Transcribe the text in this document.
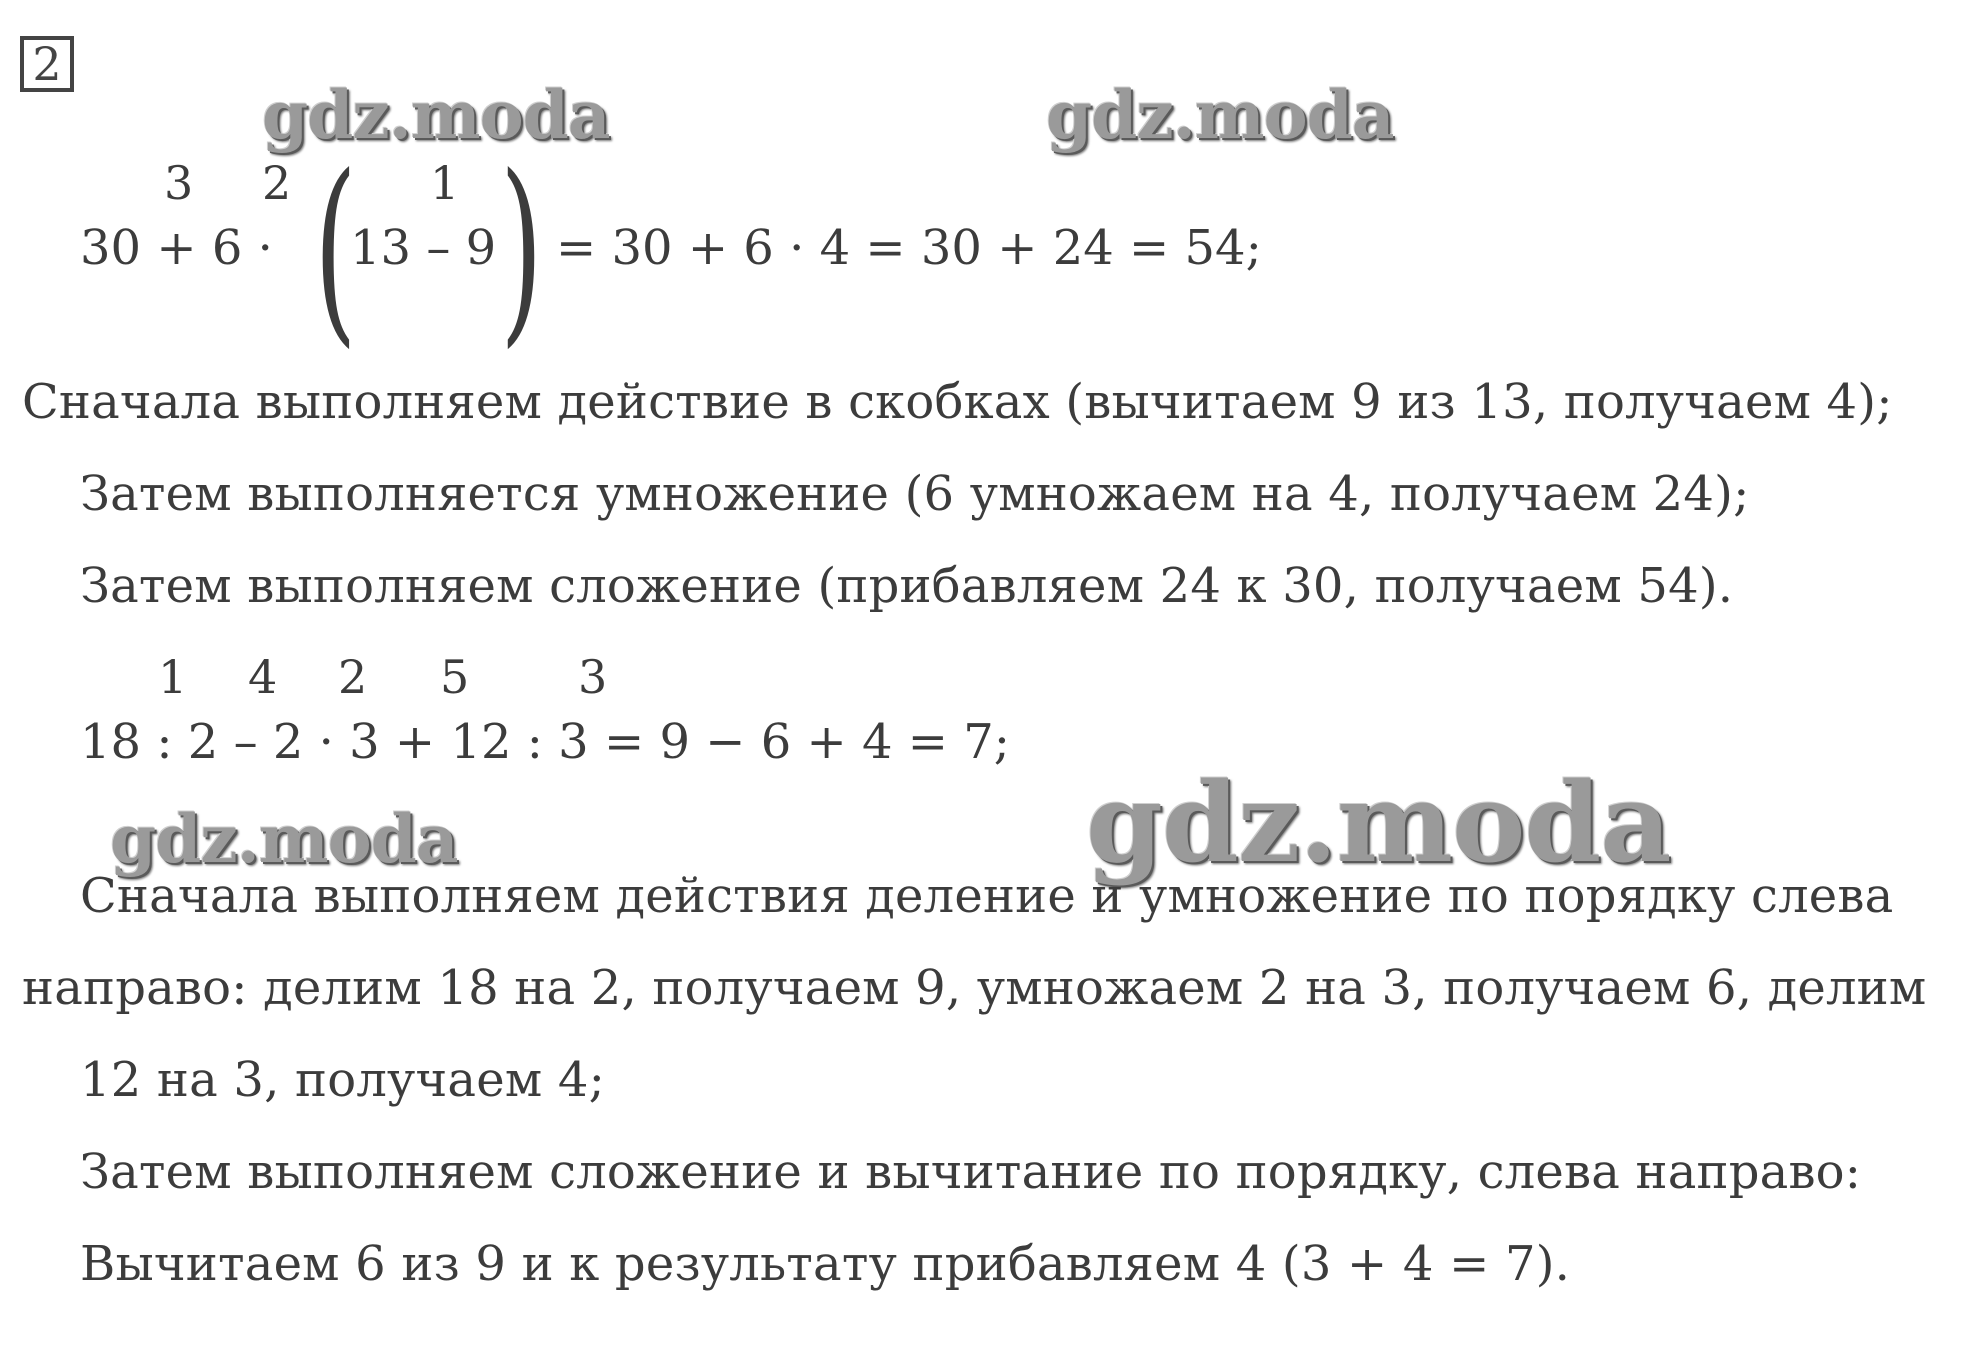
2
gdz.moda	gdz.moda
3 2	1
30 + 6 · (
13 – 9 ) = 30 + 6 · 4 = 30 + 24 = 54;
Сначала выполняем действие в скобках (вычитаем 9 из 13, получаем 4);
Затем выполняется умножение (6 умножаем на 4, получаем 24);
Затем выполняем сложение (прибавляем 24 к 30, получаем 54).
1 4 2 5 3
18 : 2 – 2 · 3 + 12 : 3 = 9 − 6 + 4 = 7;
gdz.moda	gdz.moda
Сначала выполняем действия деление и умножение по порядку слева
направо: делим 18 на 2, получаем 9, умножаем 2 на 3, получаем 6, делим
12 на 3, получаем 4;
Затем выполняем сложение и вычитание по порядку, слева направо:
Вычитаем 6 из 9 и к результату прибавляем 4 (3 + 4 = 7).
